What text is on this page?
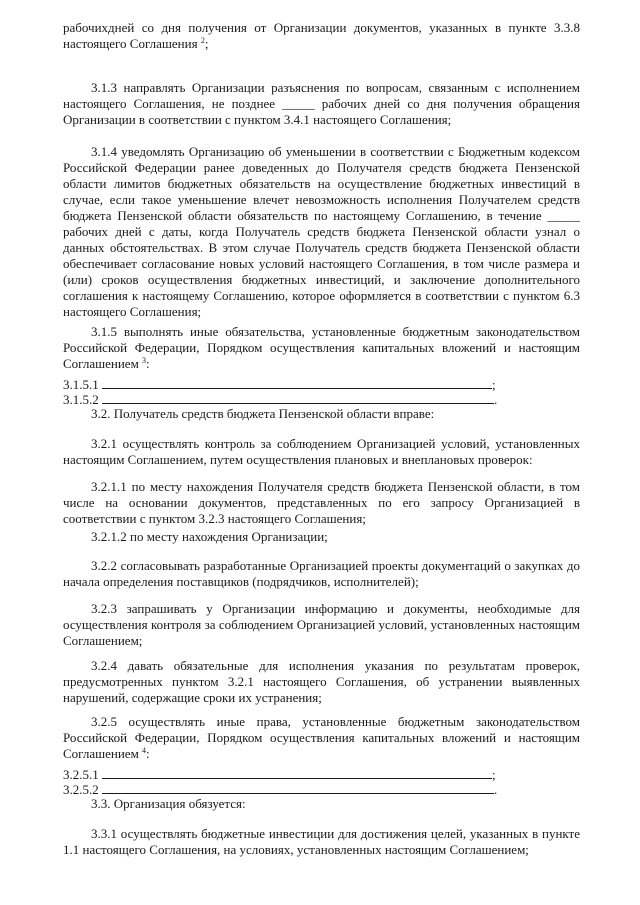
рабочихдней со дня получения от Организации документов, указанных в пункте 3.3.8
настоящего Соглашения $^2$;
3.1.3 направлять Организации разъяснения по вопросам, связанным с исполнением
настоящего Соглашения, не позднее _____ рабочих дней со дня получения обращения
Организации в соответствии с пунктом 3.4.1 настоящего Соглашения;
3.1.4 уведомлять Организацию об уменьшении в соответствии с Бюджетным кодексом
Российской Федерации ранее доведенных до Получателя средств бюджета Пензенской
области лимитов бюджетных обязательств на осуществление бюджетных инвестиций в
случае, если такое уменьшение влечет невозможность исполнения Получателем средств
бюджета Пензенской области обязательств по настоящему Соглашению, в течение _____
рабочих дней с даты, когда Получатель средств бюджета Пензенской области узнал о
данных обстоятельствах. В этом случае Получатель средств бюджета Пензенской области
обеспечивает согласование новых условий настоящего Соглашения, в том числе размера и
(или) сроков осуществления бюджетных инвестиций, и заключение дополнительного
соглашения к настоящему Соглашению, которое оформляется в соответствии с пунктом 6.3
настоящего Соглашения;
3.1.5 выполнять иные обязательства, установленные бюджетным законодательством
Российской Федерации, Порядком осуществления капитальных вложений и настоящим
Соглашением $^3$:
3.1.5.1	;
3.1.5.2	.
3.2. Получатель средств бюджета Пензенской области вправе:
3.2.1 осуществлять контроль за соблюдением Организацией условий, установленных
настоящим Соглашением, путем осуществления плановых и внеплановых проверок:
3.2.1.1 по месту нахождения Получателя средств бюджета Пензенской области, в том
числе на основании документов, представленных по его запросу Организацией в
соответствии с пунктом 3.2.3 настоящего Соглашения;
3.2.1.2 по месту нахождения Организации;
3.2.2 согласовывать разработанные Организацией проекты документаций о закупках до
начала определения поставщиков (подрядчиков, исполнителей);
3.2.3 запрашивать у Организации информацию и документы, необходимые для
осуществления контроля за соблюдением Организацией условий, установленных настоящим
Соглашением;
3.2.4 давать обязательные для исполнения указания по результатам проверок,
предусмотренных пунктом 3.2.1 настоящего Соглашения, об устранении выявленных
нарушений, содержащие сроки их устранения;
3.2.5 осуществлять иные права, установленные бюджетным законодательством
Российской Федерации, Порядком осуществления капитальных вложений и настоящим
Соглашением $^4$:
3.2.5.1	;
3.2.5.2	.
3.3. Организация обязуется:
3.3.1 осуществлять бюджетные инвестиции для достижения целей, указанных в пункте
1.1 настоящего Соглашения, на условиях, установленных настоящим Соглашением;
